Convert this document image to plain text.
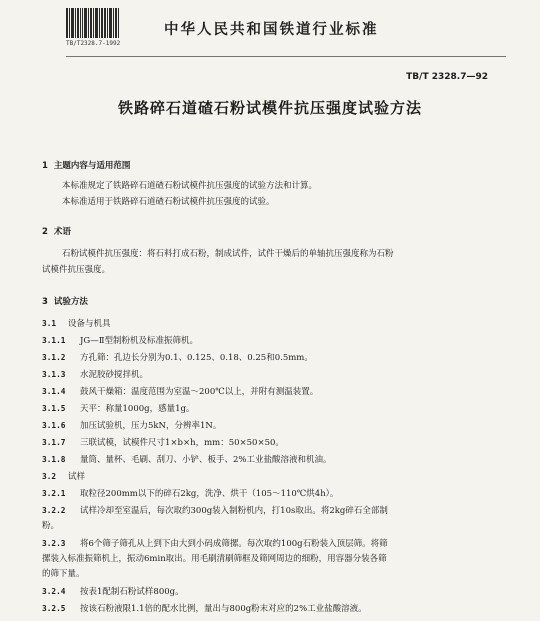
TB/T2328.7-1992
中华人民共和国铁道行业标准
TB/T 2328.7—92
铁路碎石道碴石粉试模件抗压强度试验方法
1 主题内容与适用范围
本标准规定了铁路碎石道碴石粉试模件抗压强度的试验方法和计算。
本标准适用于铁路碎石道碴石粉试模件抗压强度的试验。
2 术语
石粉试模件抗压强度：将石料打成石粉，制成试件，试件干燥后的单轴抗压强度称为石粉
试模件抗压强度。
3 试验方法
3.1 设备与机具
3.1.1 JG—Ⅱ型制粉机及标准振筛机。
3.1.2 方孔筛：孔边长分别为0.1、0.125、0.18、0.25和0.5mm。
3.1.3 水泥胶砂搅拌机。
3.1.4 鼓风干燥箱：温度范围为室温～200℃以上，并附有测温装置。
3.1.5 天平：称量1000g，感量1g。
3.1.6 加压试验机，压力5kN，分辨率1N。
3.1.7 三联试模，试模件尺寸1×b×h，mm：50×50×50。
3.1.8 量筒、量杯、毛刷、刮刀、小铲、板手、2%工业盐酸溶液和机油。
3.2 试样
3.2.1 取粒径200mm以下的碎石2kg，洗净、烘干（105～110℃烘4h）。
3.2.2 试样冷却至室温后，每次取约300g装入制粉机内，打10s取出。将2kg碎石全部制
粉。
3.2.3 将6个筛子筛孔从上到下由大到小码成筛摞。每次取约100g石粉装入顶层筛。将筛
摞装入标准振筛机上，振动6min取出。用毛刷清刷筛框及筛网周边的细粉，用容器分装各筛
的筛下量。
3.2.4 按表1配制石粉试样800g。
3.2.5 按该石粉液限1.1倍的配水比例，量出与800g粉末对应的2%工业盐酸溶液。
